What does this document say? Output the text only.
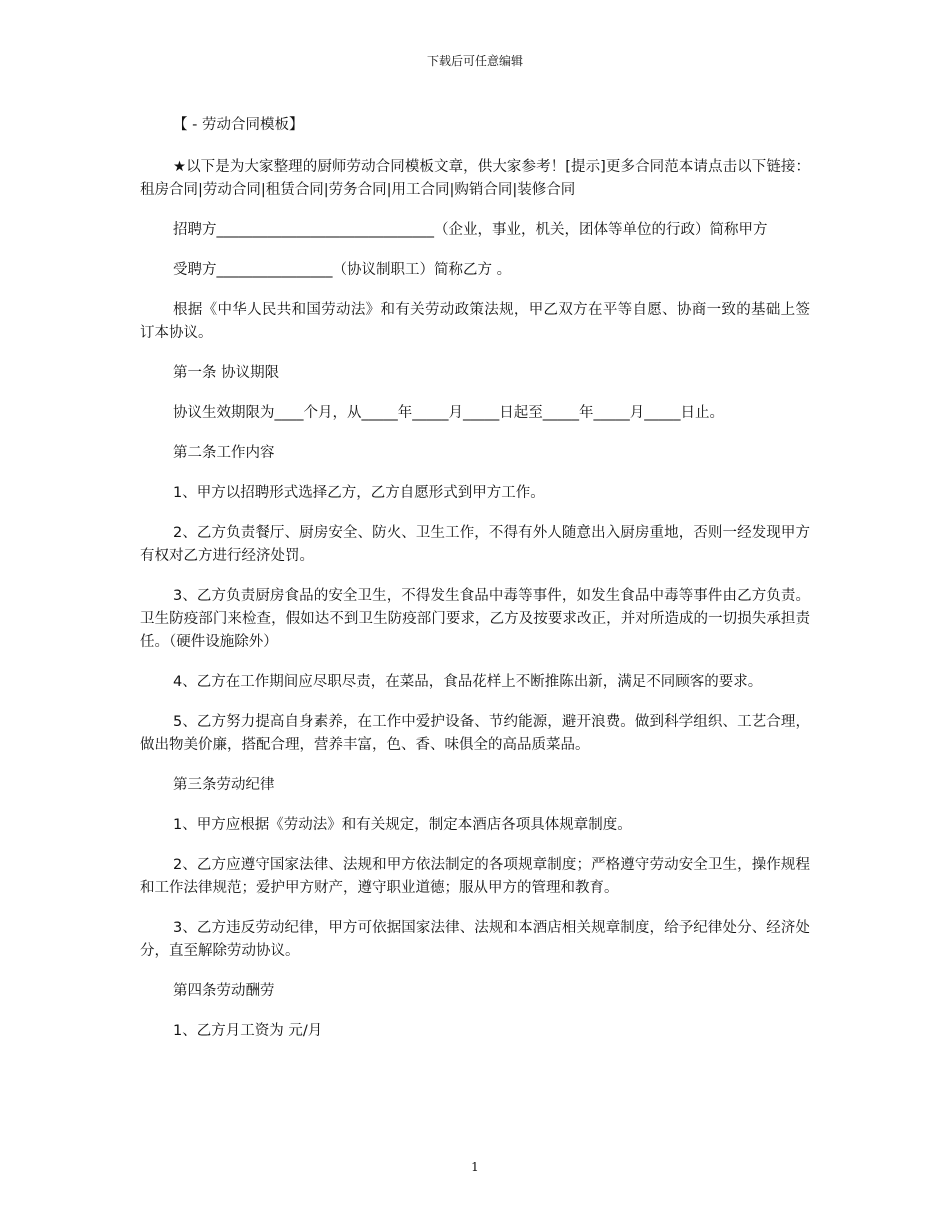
下载后可任意编辑

【 - 劳动合同模板】

★以下是为大家整理的厨师劳动合同模板文章，供大家参考！[提示]更多合同范本请点击以下链接：租房合同|劳动合同|租赁合同|劳务合同|用工合同|购销合同|装修合同

招聘方______________________________（企业，事业，机关，团体等单位的行政）简称甲方

受聘方________________（协议制职工）简称乙方 。

根据《中华人民共和国劳动法》和有关劳动政策法规，甲乙双方在平等自愿、协商一致的基础上签订本协议。

第一条 协议期限

协议生效期限为____个月，从_____年_____月_____日起至_____年_____月_____日止。

第二条工作内容

1、甲方以招聘形式选择乙方，乙方自愿形式到甲方工作。

2、乙方负责餐厅、厨房安全、防火、卫生工作，不得有外人随意出入厨房重地，否则一经发现甲方有权对乙方进行经济处罚。

3、乙方负责厨房食品的安全卫生，不得发生食品中毒等事件，如发生食品中毒等事件由乙方负责。卫生防疫部门来检查，假如达不到卫生防疫部门要求，乙方及按要求改正，并对所造成的一切损失承担责任。（硬件设施除外）

4、乙方在工作期间应尽职尽责，在菜品，食品花样上不断推陈出新，满足不同顾客的要求。

5、乙方努力提高自身素养，在工作中爱护设备、节约能源，避开浪费。做到科学组织、工艺合理，做出物美价廉，搭配合理，营养丰富，色、香、味俱全的高品质菜品。

第三条劳动纪律

1、甲方应根据《劳动法》和有关规定，制定本酒店各项具体规章制度。

2、乙方应遵守国家法律、法规和甲方依法制定的各项规章制度；严格遵守劳动安全卫生，操作规程和工作法律规范；爱护甲方财产，遵守职业道德；服从甲方的管理和教育。

3、乙方违反劳动纪律，甲方可依据国家法律、法规和本酒店相关规章制度，给予纪律处分、经济处分，直至解除劳动协议。

第四条劳动酬劳

1、乙方月工资为 元/月

1
